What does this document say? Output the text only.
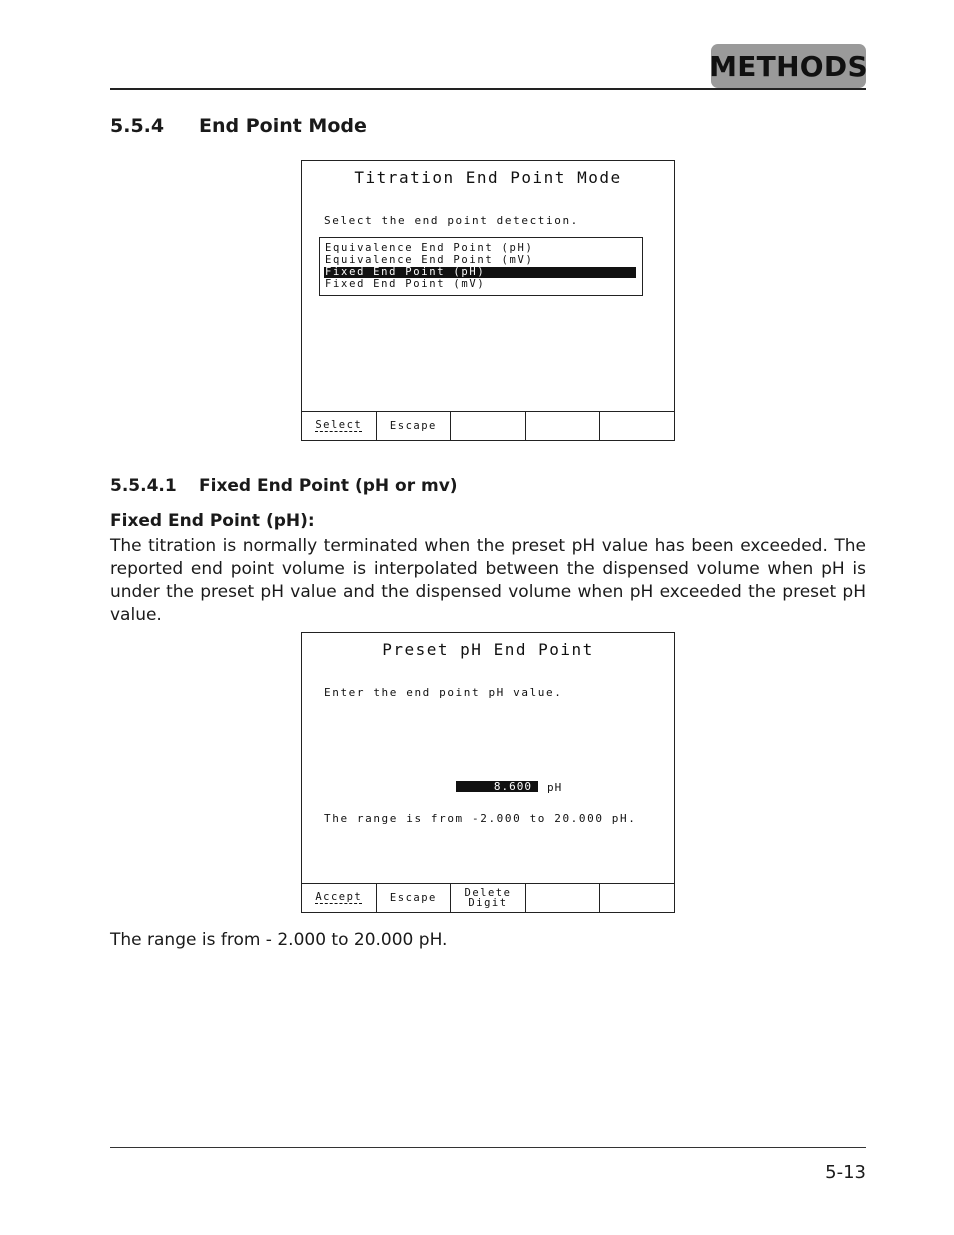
METHODS
5.5.4 End Point Mode
Titration End Point Mode
Select the end point detection.
Equivalence End Point (pH)
Equivalence End Point (mV)
Fixed End Point (pH)
Fixed End Point (mV)
Select	Escape
5.5.4.1 Fixed End Point (pH or mv)
Fixed End Point (pH):

The titration is normally terminated when the preset pH value has been exceeded. The reported end point volume is interpolated between the dispensed volume when pH is under the preset pH value and the dispensed volume when pH exceeded the preset pH value.

Preset pH End Point
Enter the end point pH value.
8.600	pH
The range is from -2.000 to 20.000 pH.
Accept	Escape	Delete
Digit
The range is from - 2.000 to 20.000 pH.
5-13
